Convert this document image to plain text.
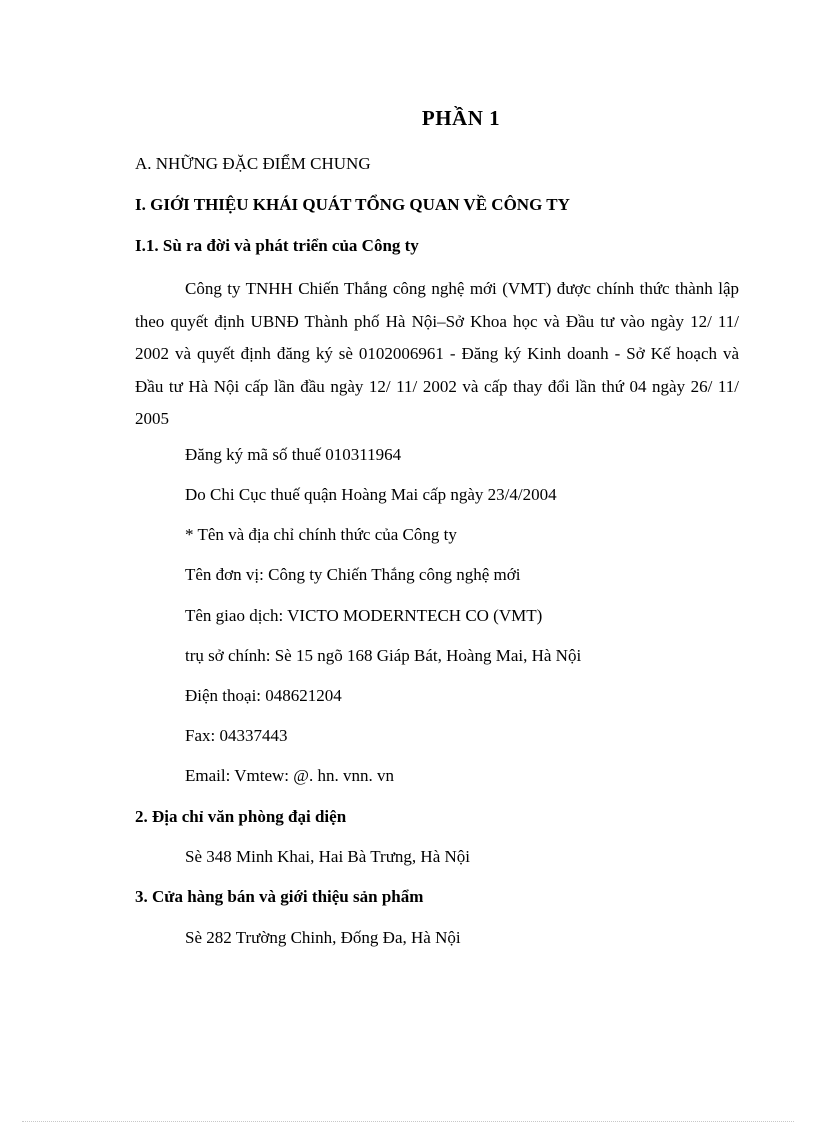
PHẦN 1
A. NHỮNG ĐẶC ĐIỂM CHUNG
I. GIỚI THIỆU KHÁI QUÁT TỔNG QUAN VỀ CÔNG TY
I.1. Sù ra đời và phát triển của Công ty
Công ty TNHH Chiến Thắng công nghệ mới (VMT) được chính thức thành lập theo quyết định UBNĐ Thành phố Hà Nội–Sở Khoa học và Đầu tư vào ngày 12/ 11/ 2002 và quyết định đăng ký sè 0102006961 - Đăng ký Kinh doanh - Sở Kế hoạch và Đầu tư Hà Nội cấp lần đầu ngày 12/ 11/ 2002 và cấp thay đổi lần thứ 04 ngày 26/ 11/ 2005
Đăng ký mã số thuế 010311964
Do Chi Cục thuế quận Hoàng Mai cấp ngày 23/4/2004
* Tên và địa chỉ chính thức của Công ty
Tên đơn vị: Công ty Chiến Thắng công nghệ mới
Tên giao dịch: VICTO MODERNTECH CO (VMT)
trụ sở chính: Sè 15 ngõ 168 Giáp Bát, Hoàng Mai, Hà Nội
Điện thoại: 048621204
Fax: 04337443
Email: Vmtew: @. hn. vnn. vn
2. Địa chỉ văn phòng đại diện
Sè 348 Minh Khai, Hai Bà Trưng, Hà Nội
3. Cửa hàng bán và giới thiệu sản phẩm
Sè 282 Trường Chinh, Đống Đa, Hà Nội
